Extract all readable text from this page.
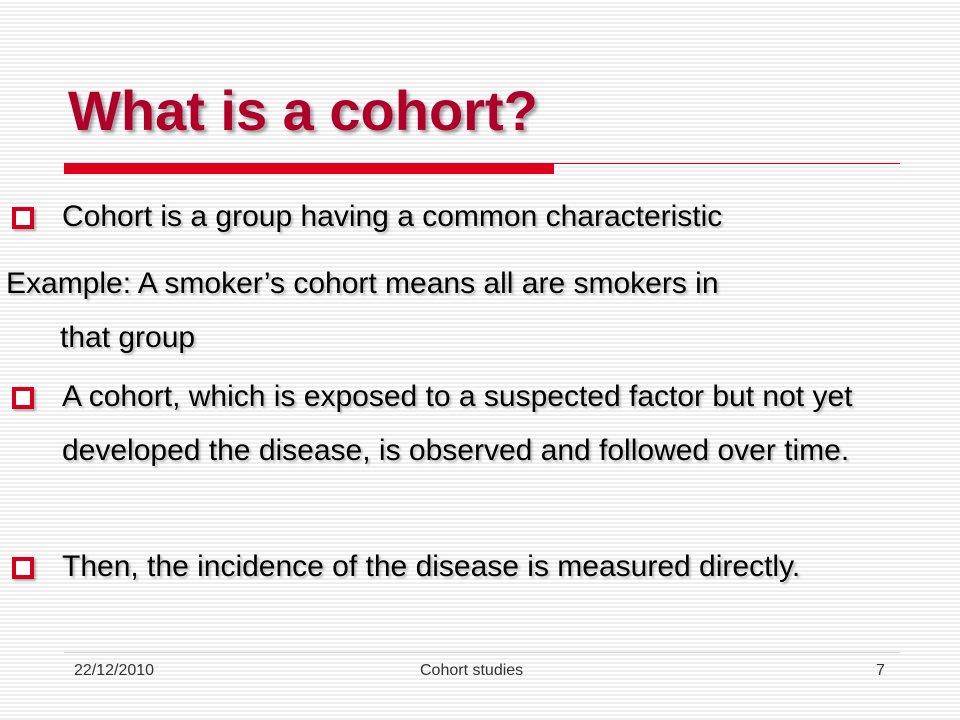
What is a cohort?
Cohort is a group having a common characteristic
Example: A smoker’s cohort means all are smokers in
that group
A cohort, which is exposed to a suspected factor but not yet developed the disease, is observed and followed over time.
Then, the incidence of the disease is measured directly.
22/12/2010	Cohort studies	7
